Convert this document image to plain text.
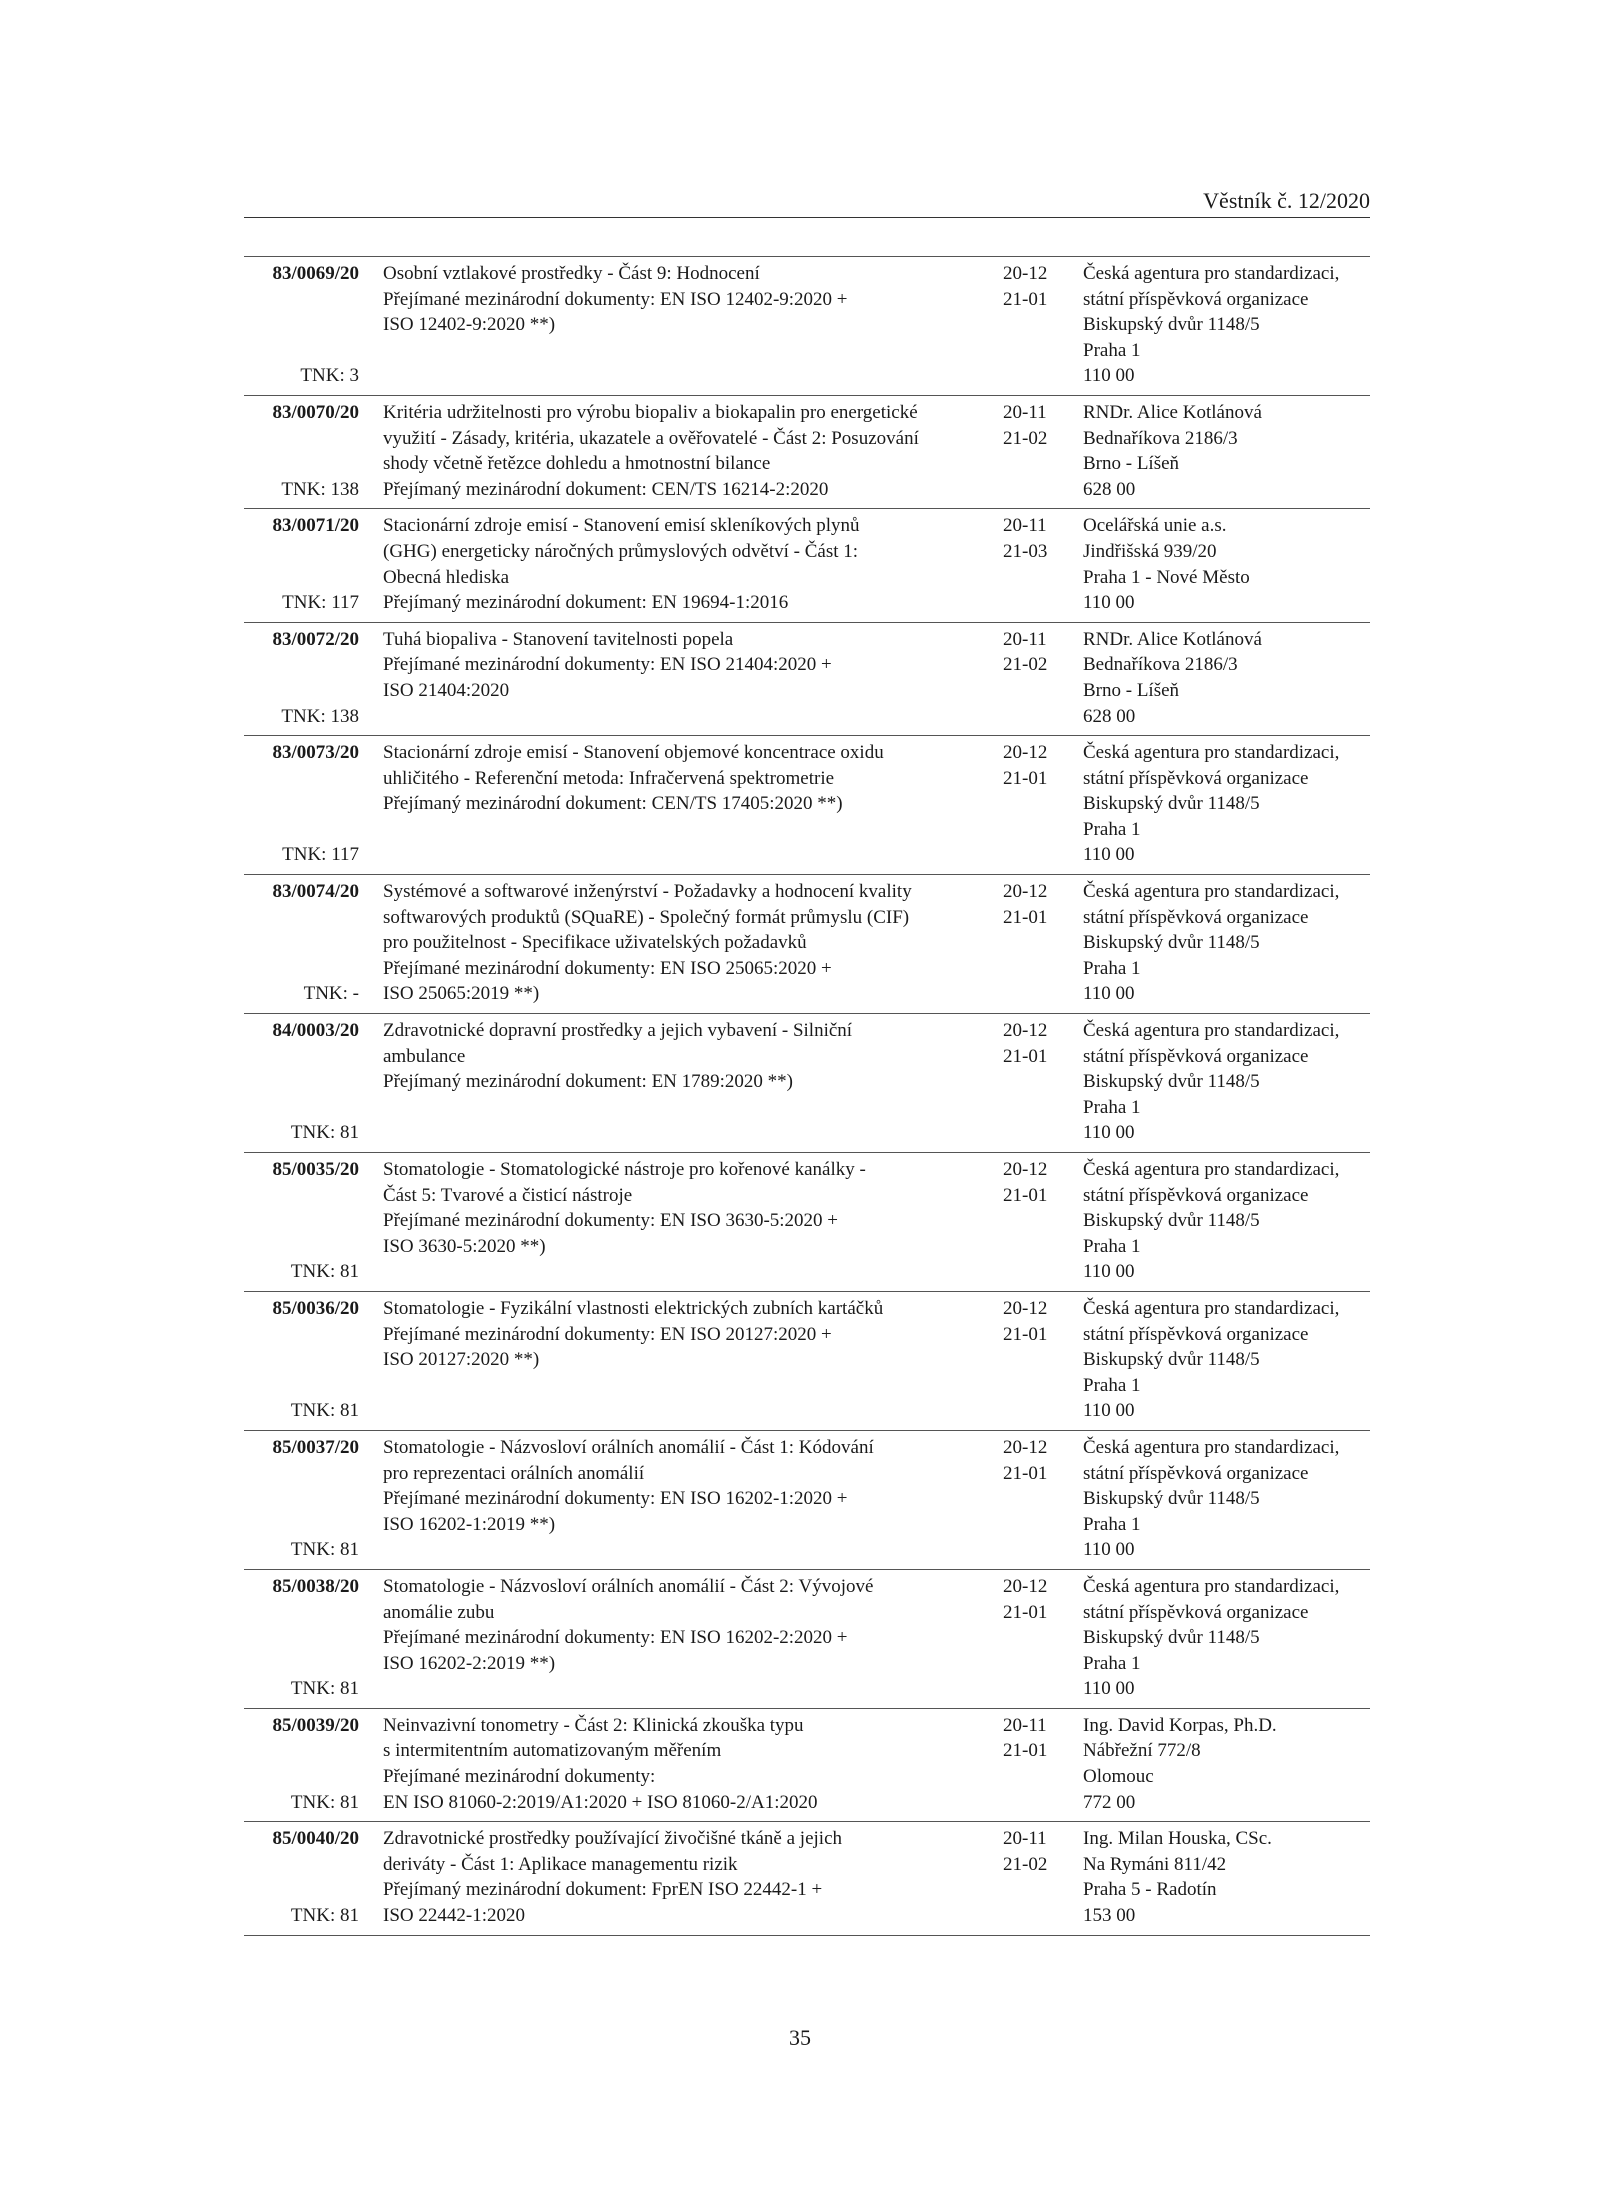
Věstník č. 12/2020
83/0069/20
TNK: 3
Osobní vztlakové prostředky - Část 9: Hodnocení
Přejímané mezinárodní dokumenty: EN ISO 12402-9:2020 +
ISO 12402-9:2020 **)
20-12
21-01
Česká agentura pro standardizaci,
státní příspěvková organizace
Biskupský dvůr 1148/5
Praha 1
110 00
83/0070/20
TNK: 138
Kritéria udržitelnosti pro výrobu biopaliv a biokapalin pro energetické
využití - Zásady, kritéria, ukazatele a ověřovatelé - Část 2: Posuzování
shody včetně řetězce dohledu a hmotnostní bilance
Přejímaný mezinárodní dokument: CEN/TS 16214-2:2020
20-11
21-02
RNDr. Alice Kotlánová
Bednaříkova 2186/3
Brno - Líšeň
628 00
83/0071/20
TNK: 117
Stacionární zdroje emisí - Stanovení emisí skleníkových plynů
(GHG) energeticky náročných průmyslových odvětví - Část 1:
Obecná hlediska
Přejímaný mezinárodní dokument: EN 19694-1:2016
20-11
21-03
Ocelářská unie a.s.
Jindřišská 939/20
Praha 1 - Nové Město
110 00
83/0072/20
TNK: 138
Tuhá biopaliva - Stanovení tavitelnosti popela
Přejímané mezinárodní dokumenty: EN ISO 21404:2020 +
ISO 21404:2020
20-11
21-02
RNDr. Alice Kotlánová
Bednaříkova 2186/3
Brno - Líšeň
628 00
83/0073/20
TNK: 117
Stacionární zdroje emisí - Stanovení objemové koncentrace oxidu
uhličitého - Referenční metoda: Infračervená spektrometrie
Přejímaný mezinárodní dokument: CEN/TS 17405:2020 **)
20-12
21-01
Česká agentura pro standardizaci,
státní příspěvková organizace
Biskupský dvůr 1148/5
Praha 1
110 00
83/0074/20
TNK: -
Systémové a softwarové inženýrství - Požadavky a hodnocení kvality
softwarových produktů (SQuaRE) - Společný formát průmyslu (CIF)
pro použitelnost - Specifikace uživatelských požadavků
Přejímané mezinárodní dokumenty: EN ISO 25065:2020 +
ISO 25065:2019 **)
20-12
21-01
Česká agentura pro standardizaci,
státní příspěvková organizace
Biskupský dvůr 1148/5
Praha 1
110 00
84/0003/20
TNK: 81
Zdravotnické dopravní prostředky a jejich vybavení - Silniční
ambulance
Přejímaný mezinárodní dokument: EN 1789:2020 **)
20-12
21-01
Česká agentura pro standardizaci,
státní příspěvková organizace
Biskupský dvůr 1148/5
Praha 1
110 00
85/0035/20
TNK: 81
Stomatologie - Stomatologické nástroje pro kořenové kanálky -
Část 5: Tvarové a čisticí nástroje
Přejímané mezinárodní dokumenty: EN ISO 3630-5:2020 +
ISO 3630-5:2020 **)
20-12
21-01
Česká agentura pro standardizaci,
státní příspěvková organizace
Biskupský dvůr 1148/5
Praha 1
110 00
85/0036/20
TNK: 81
Stomatologie - Fyzikální vlastnosti elektrických zubních kartáčků
Přejímané mezinárodní dokumenty: EN ISO 20127:2020 +
ISO 20127:2020 **)
20-12
21-01
Česká agentura pro standardizaci,
státní příspěvková organizace
Biskupský dvůr 1148/5
Praha 1
110 00
85/0037/20
TNK: 81
Stomatologie - Názvosloví orálních anomálií - Část 1: Kódování
pro reprezentaci orálních anomálií
Přejímané mezinárodní dokumenty: EN ISO 16202-1:2020 +
ISO 16202-1:2019 **)
20-12
21-01
Česká agentura pro standardizaci,
státní příspěvková organizace
Biskupský dvůr 1148/5
Praha 1
110 00
85/0038/20
TNK: 81
Stomatologie - Názvosloví orálních anomálií - Část 2: Vývojové
anomálie zubu
Přejímané mezinárodní dokumenty: EN ISO 16202-2:2020 +
ISO 16202-2:2019 **)
20-12
21-01
Česká agentura pro standardizaci,
státní příspěvková organizace
Biskupský dvůr 1148/5
Praha 1
110 00
85/0039/20
TNK: 81
Neinvazivní tonometry - Část 2: Klinická zkouška typu
s intermitentním automatizovaným měřením
Přejímané mezinárodní dokumenty:
EN ISO 81060-2:2019/A1:2020 + ISO 81060-2/A1:2020
20-11
21-01
Ing. David Korpas, Ph.D.
Nábřežní 772/8
Olomouc
772 00
85/0040/20
TNK: 81
Zdravotnické prostředky používající živočišné tkáně a jejich
deriváty - Část 1: Aplikace managementu rizik
Přejímaný mezinárodní dokument: FprEN ISO 22442-1 +
ISO 22442-1:2020
20-11
21-02
Ing. Milan Houska, CSc.
Na Rymáni 811/42
Praha 5 - Radotín
153 00
35
